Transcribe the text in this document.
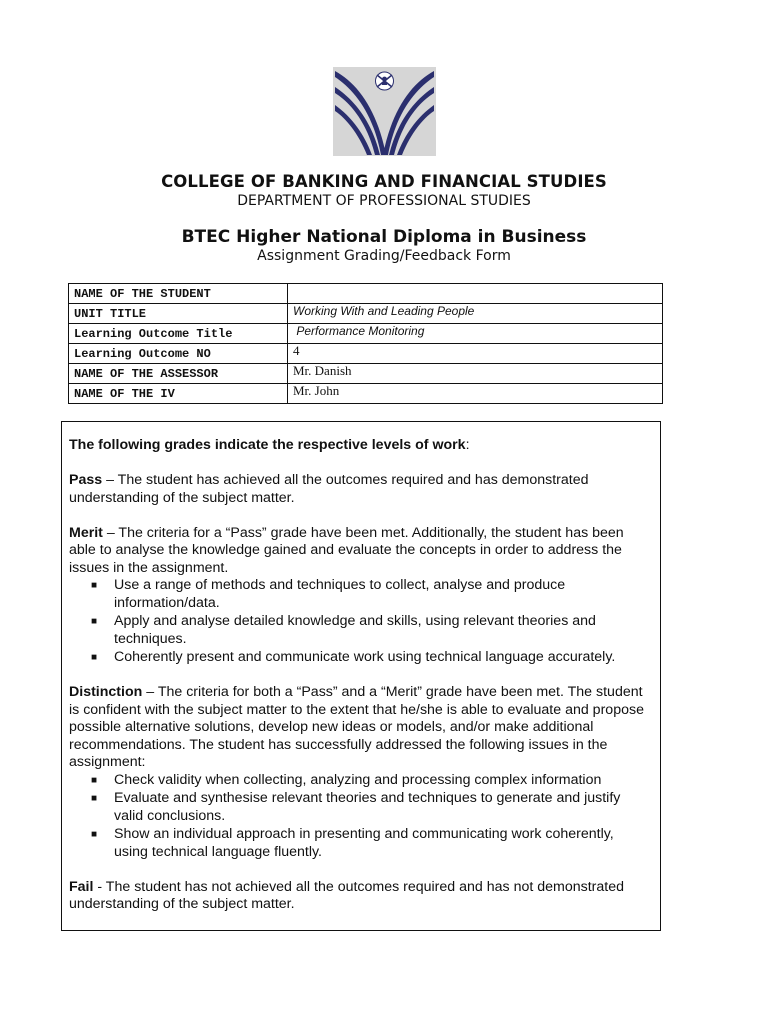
COLLEGE OF BANKING AND FINANCIAL STUDIES
DEPARTMENT OF PROFESSIONAL STUDIES
BTEC Higher National Diploma in Business
Assignment Grading/Feedback Form
NAME OF THE STUDENT	
UNIT TITLE	Working With and Leading People
Learning Outcome Title	Performance Monitoring
Learning Outcome NO	4
NAME OF THE ASSESSOR	Mr. Danish
NAME OF THE IV	Mr. John

The following grades indicate the respective levels of work:

Pass – The student has achieved all the outcomes required and has demonstrated understanding of the subject matter.

Merit – The criteria for a “Pass” grade have been met. Additionally, the student has been able to analyse the knowledge gained and evaluate the concepts in order to address the issues in the assignment.

■ Use a range of methods and techniques to collect, analyse and produce information/data.
■ Apply and analyse detailed knowledge and skills, using relevant theories and techniques.
■ Coherently present and communicate work using technical language accurately.

Distinction – The criteria for both a “Pass” and a “Merit” grade have been met. The student is confident with the subject matter to the extent that he/she is able to evaluate and propose possible alternative solutions, develop new ideas or models, and/or make additional recommendations. The student has successfully addressed the following issues in the assignment:

■ Check validity when collecting, analyzing and processing complex information
■ Evaluate and synthesise relevant theories and techniques to generate and justify valid conclusions.
■ Show an individual approach in presenting and communicating work coherently, using technical language fluently.

Fail - The student has not achieved all the outcomes required and has not demonstrated understanding of the subject matter.
